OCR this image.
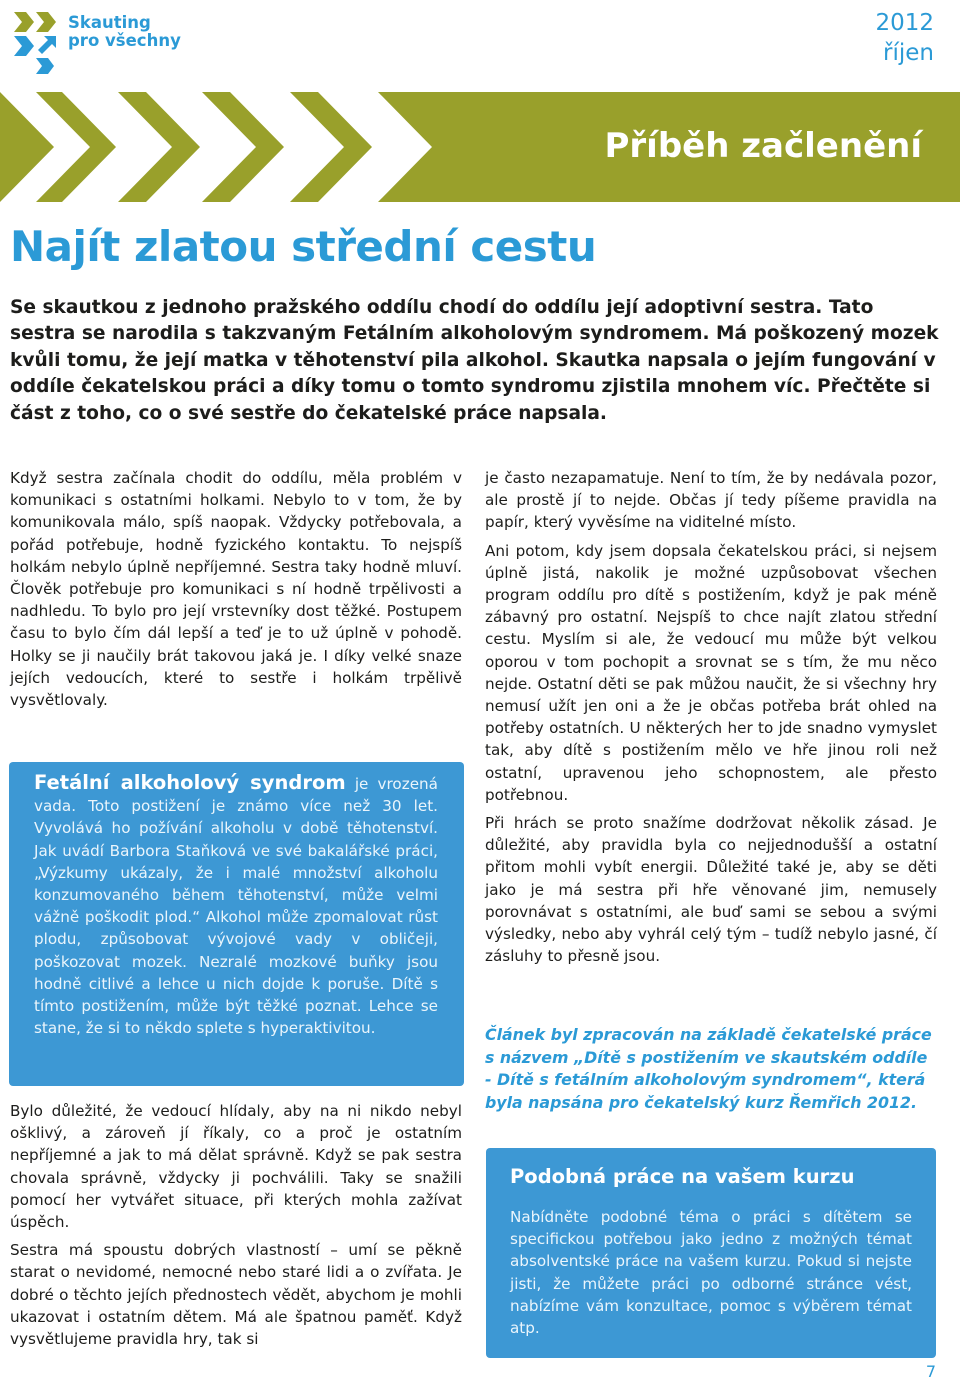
Skauting
pro všechny
2012
říjen
Příběh začlenění
Najít zlatou střední cestu
Se skautkou z jednoho pražského oddílu chodí do oddílu její adoptivní sestra. Tato sestra se narodila s takzvaným Fetálním alkoholovým syndromem. Má poškozený mozek kvůli tomu, že její matka v těhotenství pila alkohol. Skautka napsala o jejím fungování v oddíle čekatelskou práci a díky tomu o tomto syndromu zjistila mnohem víc. Přečtěte si část z toho, co o své sestře do čekatelské práce napsala.

Když sestra začínala chodit do oddílu, měla problém v komunikaci s ostatními holkami. Nebylo to v tom, že by komunikovala málo, spíš naopak. Vždycky potřebovala, a pořád potřebuje, hodně fyzického kontaktu. To nejspíš holkám nebylo úplně nepříjemné. Sestra taky hodně mluví. Člověk potřebuje pro komunikaci s ní hodně trpělivosti a nadhledu. To bylo pro její vrstevníky dost těžké. Postupem času to bylo čím dál lepší a teď je to už úplně v pohodě. Holky se ji naučily brát takovou jaká je. I díky velké snaze jejích vedoucích, které to sestře i holkám trpělivě vysvětlovaly.

Fetální alkoholový syndrom je vrozená vada. Toto postižení je známo více než 30 let. Vyvolává ho požívání alkoholu v době těhotenství. Jak uvádí Barbora Staňková ve své bakalářské práci, „Výzkumy ukázaly, že i malé množství alkoholu konzumovaného během těhotenství, může velmi vážně poškodit plod.“ Alkohol může zpomalovat růst plodu, způsobovat vývojové vady v obličeji, poškozovat mozek. Nezralé mozkové buňky jsou hodně citlivé a lehce u nich dojde k poruše. Dítě s tímto postižením, může být těžké poznat. Lehce se stane, že si to někdo splete s hyperaktivitou.

Bylo důležité, že vedoucí hlídaly, aby na ni nikdo nebyl ošklivý, a zároveň jí říkaly, co a proč je ostatním nepříjemné a jak to má dělat správně. Když se pak sestra chovala správně, vždycky ji pochválili. Taky se snažili pomocí her vytvářet situace, při kterých mohla zažívat úspěch.

Sestra má spoustu dobrých vlastností – umí se pěkně starat o nevidomé, nemocné nebo staré lidi a o zvířata. Je dobré o těchto jejích přednostech vědět, abychom je mohli ukazovat i ostatním dětem. Má ale špatnou paměť. Když vysvětlujeme pravidla hry, tak si

je často nezapamatuje. Není to tím, že by nedávala pozor, ale prostě jí to nejde. Občas jí tedy píšeme pravidla na papír, který vyvěsíme na viditelné místo.

Ani potom, kdy jsem dopsala čekatelskou práci, si nejsem úplně jistá, nakolik je možné uzpůsobovat všechen program oddílu pro dítě s postižením, když je pak méně zábavný pro ostatní. Nejspíš to chce najít zlatou střední cestu. Myslím si ale, že vedoucí mu může být velkou oporou v tom pochopit a srovnat se s tím, že mu něco nejde. Ostatní děti se pak můžou naučit, že si všechny hry nemusí užít jen oni a že je občas potřeba brát ohled na potřeby ostatních. U některých her to jde snadno vymyslet tak, aby dítě s postižením mělo ve hře jinou roli než ostatní, upravenou jeho schopnostem, ale přesto potřebnou.

Při hrách se proto snažíme dodržovat několik zásad. Je důležité, aby pravidla byla co nejjednodušší a ostatní přitom mohli vybít energii. Důležité také je, aby se děti jako je má sestra při hře věnované jim, nemusely porovnávat s ostatními, ale buď sami se sebou a svými výsledky, nebo aby vyhrál celý tým – tudíž nebylo jasné, čí zásluhy to přesně jsou.

Článek byl zpracován na základě čekatelské práce s názvem „Dítě s postižením ve skautském oddíle - Dítě s fetálním alkoholovým syndromem“, která byla napsána pro čekatelský kurz Řemřich 2012.
Podobná práce na vašem kurzu

Nabídněte podobné téma o práci s dítětem se specifickou potřebou jako jedno z možných témat absolventské práce na vašem kurzu. Pokud si nejste jisti, že můžete práci po odborné stránce vést, nabízíme vám konzultace, pomoc s výběrem témat atp.

7
